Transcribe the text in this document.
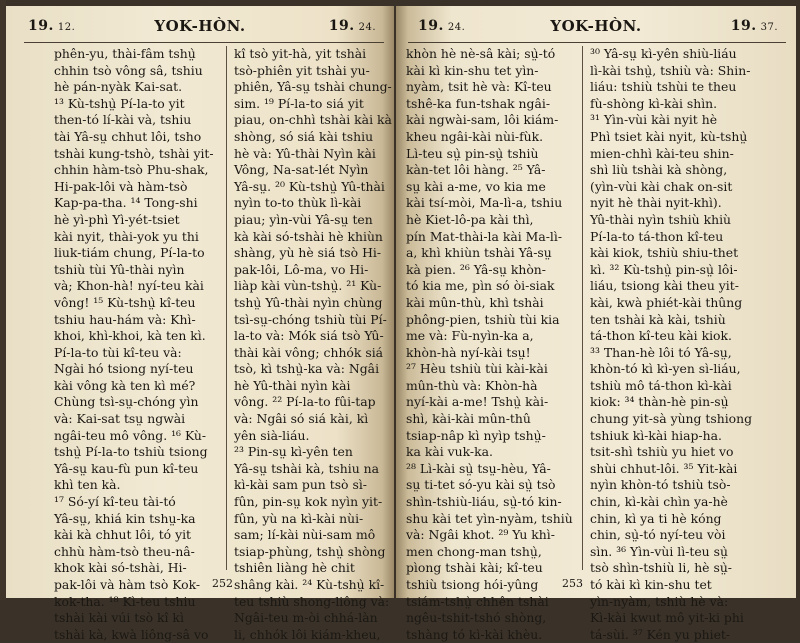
19. 12.	YOK-HÒN.	19. 24.
phên-yu, thài-fâm tshṳ̀
chhin tsò vông sâ, tshiu
hè pán-nyàk Kai-sat.
¹³ Kù-tshṳ̀ Pí-la-to yit
then-tó lí-kài và, tshiu
tài Yâ-sṳ chhut lôi, tsho
tshài kung-tshò, tshài yit-
chhin hàm-tsò Phu-shak,
Hi-pak-lôi và hàm-tsò
Kap-pa-tha. ¹⁴ Tong-shi
hè yì-phì Yì-yét-tsiet
kài nyit, thài-yok yu thi
liuk-tiám chung, Pí-la-to
tshiù tùi Yû-thài nyìn
và; Khon-hà! nyí-teu kài
vông! ¹⁵ Kù-tshṳ̀ kî-teu
tshiu hau-hám và: Khì-
khoi, khì-khoi, kà ten kì.
Pí-la-to tùi kî-teu và:
Ngài hó tsiong nyí-teu
kài vông kà ten kì mé?
Chùng tsì-sṳ-chóng yìn
và: Kai-sat tsṳ ngwài
ngâi-teu mô vông. ¹⁶ Kù-
tshṳ̀ Pí-la-to tshiù tsiong
Yâ-sṳ kau-fù pun kî-teu
khì ten kà.
¹⁷ Só-yí kî-teu tài-tó
Yâ-sṳ, khiá kin tshṳ-ka
kài kà chhut lôi, tó yit
chhù hàm-tsò theu-nâ-
khok kài só-tshài, Hi-
pak-lôi và hàm tsò Kok-
kok-tha. ¹⁸ Kì-teu tshiu
tshài kài vúi tsò kî kì
tshài kà, kwà liông-sâ vo
kî tsò yit-hà, yit tshài
tsò-phiên yit tshài yu-
phiên, Yâ-sṳ tshài chung-
sim. ¹⁹ Pí-la-to siá yit
piau, on-chhì tshài kài kà
shòng, só siá kài tshiu
hè và: Yû-thài Nyìn kài
Vông, Na-sat-lét Nyìn
Yâ-sṳ. ²⁰ Kù-tshṳ̀ Yû-thài
nyìn to-to thùk lì-kài
piau; yìn-vùi Yâ-sṳ ten
kà kài só-tshài hè khiùn
shàng, yù hè siá tsò Hi-
pak-lôi, Lô-ma, vo Hi-
liàp kài vùn-tshṳ̀. ²¹ Kù-
tshṳ̀ Yû-thài nyìn chùng
tsì-sṳ-chóng tshiù tùi Pí-
la-to và: Mók siá tsò Yû-
thài kài vông; chhók siá
tsò, kì tshṳ̀-ka và: Ngâi
hè Yû-thài nyìn kài
vông. ²² Pí-la-to fûi-tap
và: Ngâi só siá kài, kì
yên sià-liáu.
²³ Pin-sṳ kì-yên ten
Yâ-sṳ tshài kà, tshiu na
kì-kài sam pun tsò sì-
fûn, pin-sṳ kok nyìn yit-
fûn, yù na kì-kài nùi-
sam; lí-kài nùi-sam mô
tsiap-phùng, tshṳ̀ shòng
tshiên liàng hè chit
shâng kài. ²⁴ Kù-tshṳ̀ kî-
teu tshiù shong-liông và:
Ngâi-teu m-òi chhá-làn
li, chhók lôi kiám-kheu,
252
19. 24.	YOK-HÒN.	19. 37.
khòn hè nè-sâ kài; sṳ̀-tó
kài kì kin-shu tet yìn-
nyàm, tsit hè và: Kî-teu
tshê-ka fun-tshak ngâi-
kài ngwài-sam, lôi kiám-
kheu ngâi-kài nùi-fùk.
Lì-teu sṳ̀ pin-sṳ̀ tshiù
kàn-tet lôi hàng. ²⁵ Yâ-
sṳ kài a-me, vo kia me
kài tsí-mòi, Ma-lì-a, tshiu
hè Kiet-lô-pa kài thì,
pín Mat-thài-la kài Ma-lì-
a, khì khiùn tshài Yâ-sṳ
kà pien. ²⁶ Yâ-sṳ khòn-
tó kia me, pìn só òi-siak
kài mûn-thù, khì tshài
phông-pien, tshiù tùi kia
me và: Fù-nyìn-ka a,
khòn-hà nyí-kài tsṳ!
²⁷ Hèu tshiù tùi kài-kài
mûn-thù và: Khòn-hà
nyí-kài a-me! Tshṳ̀ kài-
shì, kài-kài mûn-thû
tsiap-nâp kì nyìp tshṳ̀-
ka kài vuk-ka.
²⁸ Lì-kài sṳ̀ tsṳ-hèu, Yâ-
sṳ ti-tet só-yu kài sṳ̀ tsò
shìn-tshiù-liáu, sṳ̀-tó kin-
shu kài tet yìn-nyàm, tshiù
và: Ngâi khot. ²⁹ Yu khì-
men chong-man tshṳ̀,
pìong tshài kài; kî-teu
tshiù tsiong hói-yûng
tsiám-tshṳ̀ chhên tshài
ngêu-tshit-tshó shòng,
tshàng tó kì-kài khèu.
³⁰ Yâ-sṳ kì-yên shiù-liáu
lì-kài tshṳ̀, tshiù và: Shin-
liáu: tshiù tshùi te theu
fù-shòng kì-kài shìn.
³¹ Yìn-vùi kài nyit hè
Phì tsiet kài nyit, kù-tshṳ̀
mien-chhì kài-teu shin-
shì liù tshài kà shòng,
(yìn-vùi kài chak on-sit
nyit hè thài nyit-khì).
Yû-thài nyìn tshiù khiù
Pí-la-to tá-thon kî-teu
kài kiok, tshiù shiu-thet
kì. ³² Kù-tshṳ̀ pin-sṳ̀ lôi-
liáu, tsiong kài theu yit-
kài, kwà phiét-kài thûng
ten tshài kà kài, tshiù
tá-thon kî-teu kài kiok.
³³ Than-hè lôi tó Yâ-sṳ,
khòn-tó kì kì-yen sì-liáu,
tshiù mô tá-thon kì-kài
kiok: ³⁴ thàn-hè pin-sṳ̀
chung yit-sà yùng tshiong
tshiuk kì-kài hiap-ha.
tsit-shì tshiù yu hiet vo
shùi chhut-lôi. ³⁵ Yit-kài
nyìn khòn-tó tshiù tsò-
chin, kì-kài chìn ya-hè
chin, kì ya ti hè kóng
chin, sṳ̀-tó nyí-teu vòi
sìn. ³⁶ Yìn-vùi lì-teu sṳ̀
tsò shìn-tshiù li, hè sṳ̀-
tó kài kì kin-shu tet
yìn-nyàm, tshiù hè và:
Kì-kài kwut mô yit-ki phi
tá-sùi. ³⁷ Kén yu phiet-
253
